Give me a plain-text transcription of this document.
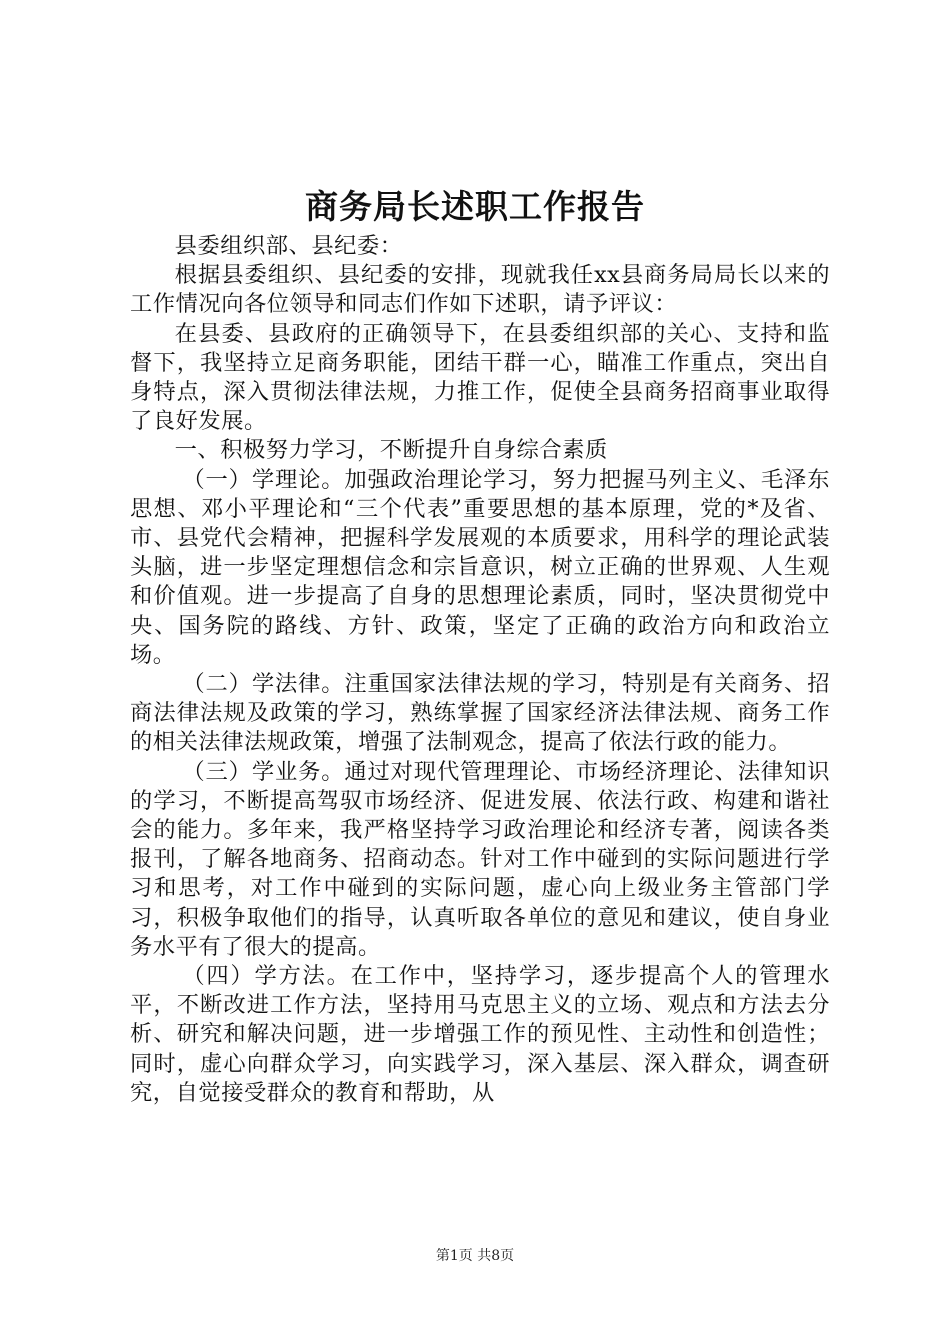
商务局长述职工作报告

县委组织部、县纪委：

根据县委组织、县纪委的安排，现就我任xx县商务局局长以来的工作情况向各位领导和同志们作如下述职，请予评议：

在县委、县政府的正确领导下，在县委组织部的关心、支持和监督下，我坚持立足商务职能，团结干群一心，瞄准工作重点，突出自身特点，深入贯彻法律法规，力推工作，促使全县商务招商事业取得了良好发展。

一、积极努力学习，不断提升自身综合素质

（一）学理论。加强政治理论学习，努力把握马列主义、毛泽东思想、邓小平理论和“三个代表”重要思想的基本原理，党的*及省、市、县党代会精神，把握科学发展观的本质要求，用科学的理论武装头脑，进一步坚定理想信念和宗旨意识，树立正确的世界观、人生观和价值观。进一步提高了自身的思想理论素质，同时，坚决贯彻党中央、国务院的路线、方针、政策，坚定了正确的政治方向和政治立场。

（二）学法律。注重国家法律法规的学习，特别是有关商务、招商法律法规及政策的学习，熟练掌握了国家经济法律法规、商务工作的相关法律法规政策，增强了法制观念，提高了依法行政的能力。

（三）学业务。通过对现代管理理论、市场经济理论、法律知识的学习，不断提高驾驭市场经济、促进发展、依法行政、构建和谐社会的能力。多年来，我严格坚持学习政治理论和经济专著，阅读各类报刊，了解各地商务、招商动态。针对工作中碰到的实际问题进行学习和思考，对工作中碰到的实际问题，虚心向上级业务主管部门学习，积极争取他们的指导，认真听取各单位的意见和建议，使自身业务水平有了很大的提高。

（四）学方法。在工作中，坚持学习，逐步提高个人的管理水平，不断改进工作方法，坚持用马克思主义的立场、观点和方法去分析、研究和解决问题，进一步增强工作的预见性、主动性和创造性；同时，虚心向群众学习，向实践学习，深入基层、深入群众，调查研究，自觉接受群众的教育和帮助，从

第1页 共8页
